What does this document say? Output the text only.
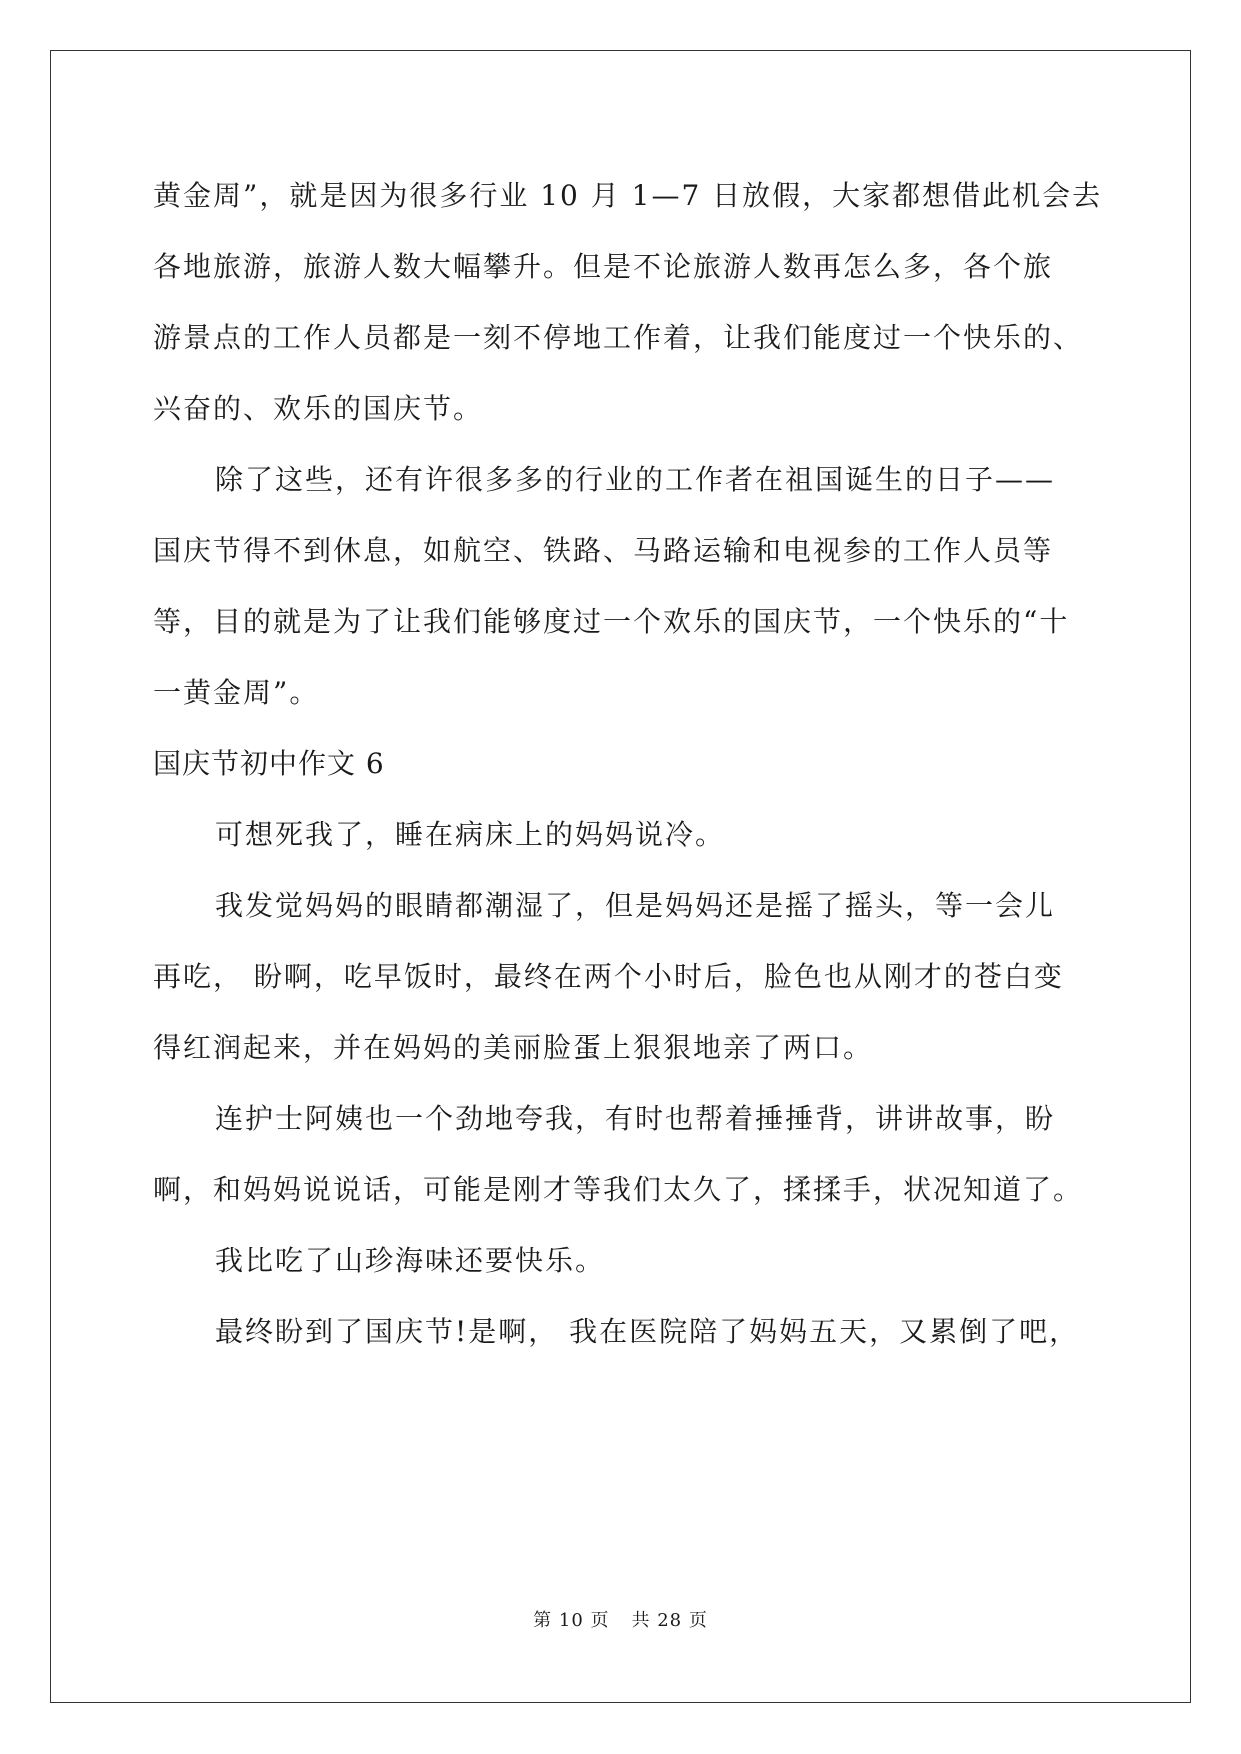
黄金周”，就是因为很多行业 10 月 1—7 日放假，大家都想借此机会去
各地旅游，旅游人数大幅攀升。但是不论旅游人数再怎么多，各个旅
游景点的工作人员都是一刻不停地工作着，让我们能度过一个快乐的、
兴奋的、欢乐的国庆节。
除了这些，还有许很多多的行业的工作者在祖国诞生的日子——
国庆节得不到休息，如航空、铁路、马路运输和电视参的工作人员等
等，目的就是为了让我们能够度过一个欢乐的国庆节，一个快乐的“十
一黄金周”。
国庆节初中作文 6
可想死我了，睡在病床上的妈妈说冷。
我发觉妈妈的眼睛都潮湿了，但是妈妈还是摇了摇头，等一会儿
再吃， 盼啊，吃早饭时，最终在两个小时后，脸色也从刚才的苍白变
得红润起来，并在妈妈的美丽脸蛋上狠狠地亲了两口。
连护士阿姨也一个劲地夸我，有时也帮着捶捶背，讲讲故事，盼
啊，和妈妈说说话，可能是刚才等我们太久了，揉揉手，状况知道了。
我比吃了山珍海味还要快乐。
最终盼到了国庆节!是啊， 我在医院陪了妈妈五天，又累倒了吧，
第 10 页 共 28 页
